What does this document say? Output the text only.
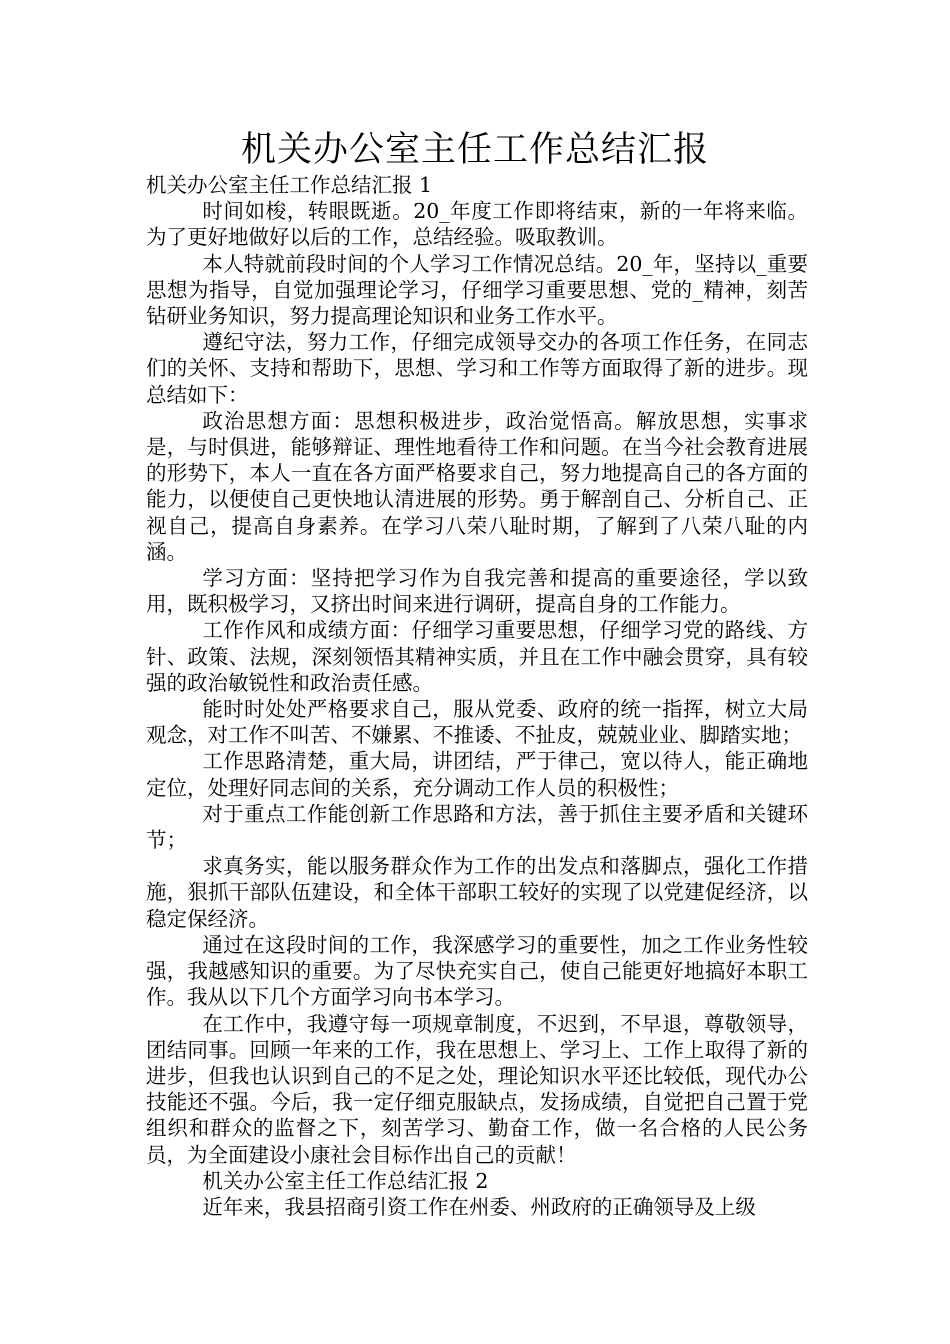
机关办公室主任工作总结汇报

机关办公室主任工作总结汇报 1

时间如梭，转眼既逝。20_年度工作即将结束，新的一年将来临。为了更好地做好以后的工作，总结经验。吸取教训。

本人特就前段时间的个人学习工作情况总结。20_年，坚持以_重要思想为指导，自觉加强理论学习，仔细学习重要思想、党的_精神，刻苦钻研业务知识，努力提高理论知识和业务工作水平。

遵纪守法，努力工作，仔细完成领导交办的各项工作任务，在同志们的关怀、支持和帮助下，思想、学习和工作等方面取得了新的进步。现总结如下：

政治思想方面：思想积极进步，政治觉悟高。解放思想，实事求是，与时俱进，能够辩证、理性地看待工作和问题。在当今社会教育进展的形势下，本人一直在各方面严格要求自己，努力地提高自己的各方面的能力，以便使自己更快地认清进展的形势。勇于解剖自己、分析自己、正视自己，提高自身素养。在学习八荣八耻时期，了解到了八荣八耻的内涵。

学习方面：坚持把学习作为自我完善和提高的重要途径，学以致用，既积极学习，又挤出时间来进行调研，提高自身的工作能力。

工作作风和成绩方面：仔细学习重要思想，仔细学习党的路线、方针、政策、法规，深刻领悟其精神实质，并且在工作中融会贯穿，具有较强的政治敏锐性和政治责任感。

能时时处处严格要求自己，服从党委、政府的统一指挥，树立大局观念，对工作不叫苦、不嫌累、不推诿、不扯皮，兢兢业业、脚踏实地；

工作思路清楚，重大局，讲团结，严于律己，宽以待人，能正确地定位，处理好同志间的关系，充分调动工作人员的积极性；

对于重点工作能创新工作思路和方法，善于抓住主要矛盾和关键环节；

求真务实，能以服务群众作为工作的出发点和落脚点，强化工作措施，狠抓干部队伍建设，和全体干部职工较好的实现了以党建促经济，以稳定保经济。

通过在这段时间的工作，我深感学习的重要性，加之工作业务性较强，我越感知识的重要。为了尽快充实自己，使自己能更好地搞好本职工作。我从以下几个方面学习向书本学习。

在工作中，我遵守每一项规章制度，不迟到，不早退，尊敬领导，团结同事。回顾一年来的工作，我在思想上、学习上、工作上取得了新的进步，但我也认识到自己的不足之处，理论知识水平还比较低，现代办公技能还不强。今后，我一定仔细克服缺点，发扬成绩，自觉把自己置于党组织和群众的监督之下，刻苦学习、勤奋工作，做一名合格的人民公务员，为全面建设小康社会目标作出自己的贡献！

机关办公室主任工作总结汇报 2

近年来，我县招商引资工作在州委、州政府的正确领导及上级
